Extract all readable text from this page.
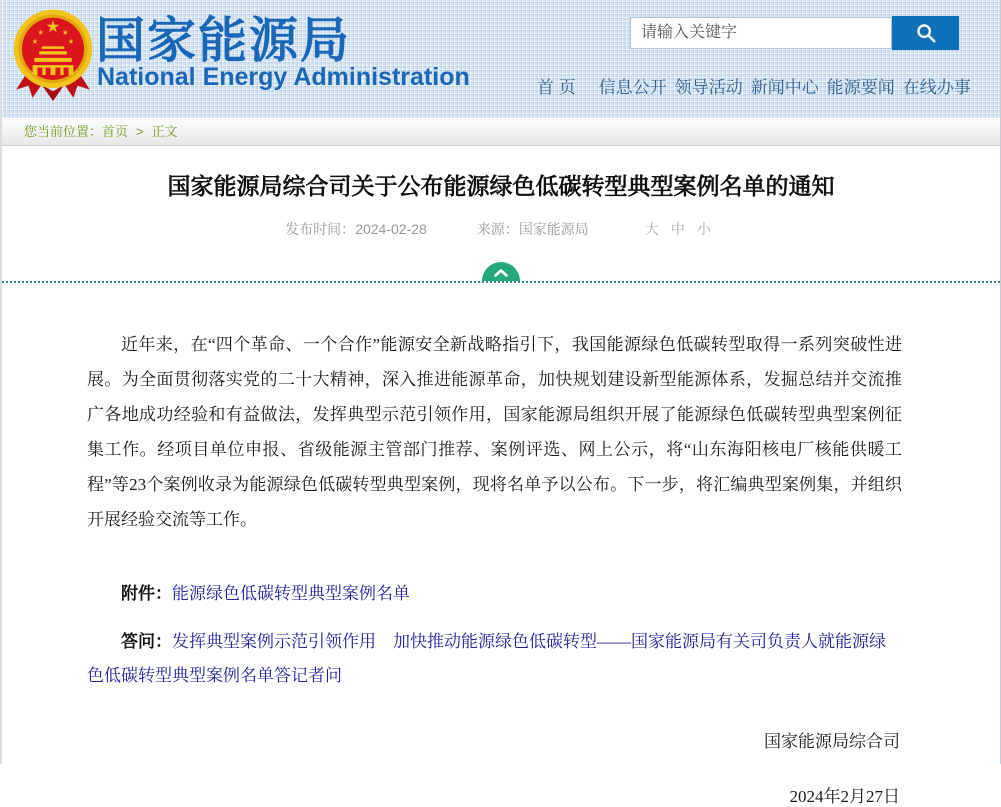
国家能源局
National Energy Administration
请输入关键字	首 页 信息公开 领导活动 新闻中心 能源要闻 在线办事
您当前位置：首页 > 正文
国家能源局综合司关于公布能源绿色低碳转型典型案例名单的通知
发布时间：2024-02-28	来源：国家能源局	大 中 小

近年来，在“四个革命、一个合作”能源安全新战略指引下，我国能源绿色低碳转型取得一系列突破性进展。为全面贯彻落实党的二十大精神，深入推进能源革命，加快规划建设新型能源体系，发掘总结并交流推广各地成功经验和有益做法，发挥典型示范引领作用，国家能源局组织开展了能源绿色低碳转型典型案例征集工作。经项目单位申报、省级能源主管部门推荐、案例评选、网上公示，将“山东海阳核电厂核能供暖工程”等23个案例收录为能源绿色低碳转型典型案例，现将名单予以公布。下一步，将汇编典型案例集，并组织开展经验交流等工作。

附件：能源绿色低碳转型典型案例名单

答问：发挥典型案例示范引领作用　加快推动能源绿色低碳转型——国家能源局有关司负责人就能源绿色低碳转型典型案例名单答记者问

国家能源局综合司
2024年2月27日
